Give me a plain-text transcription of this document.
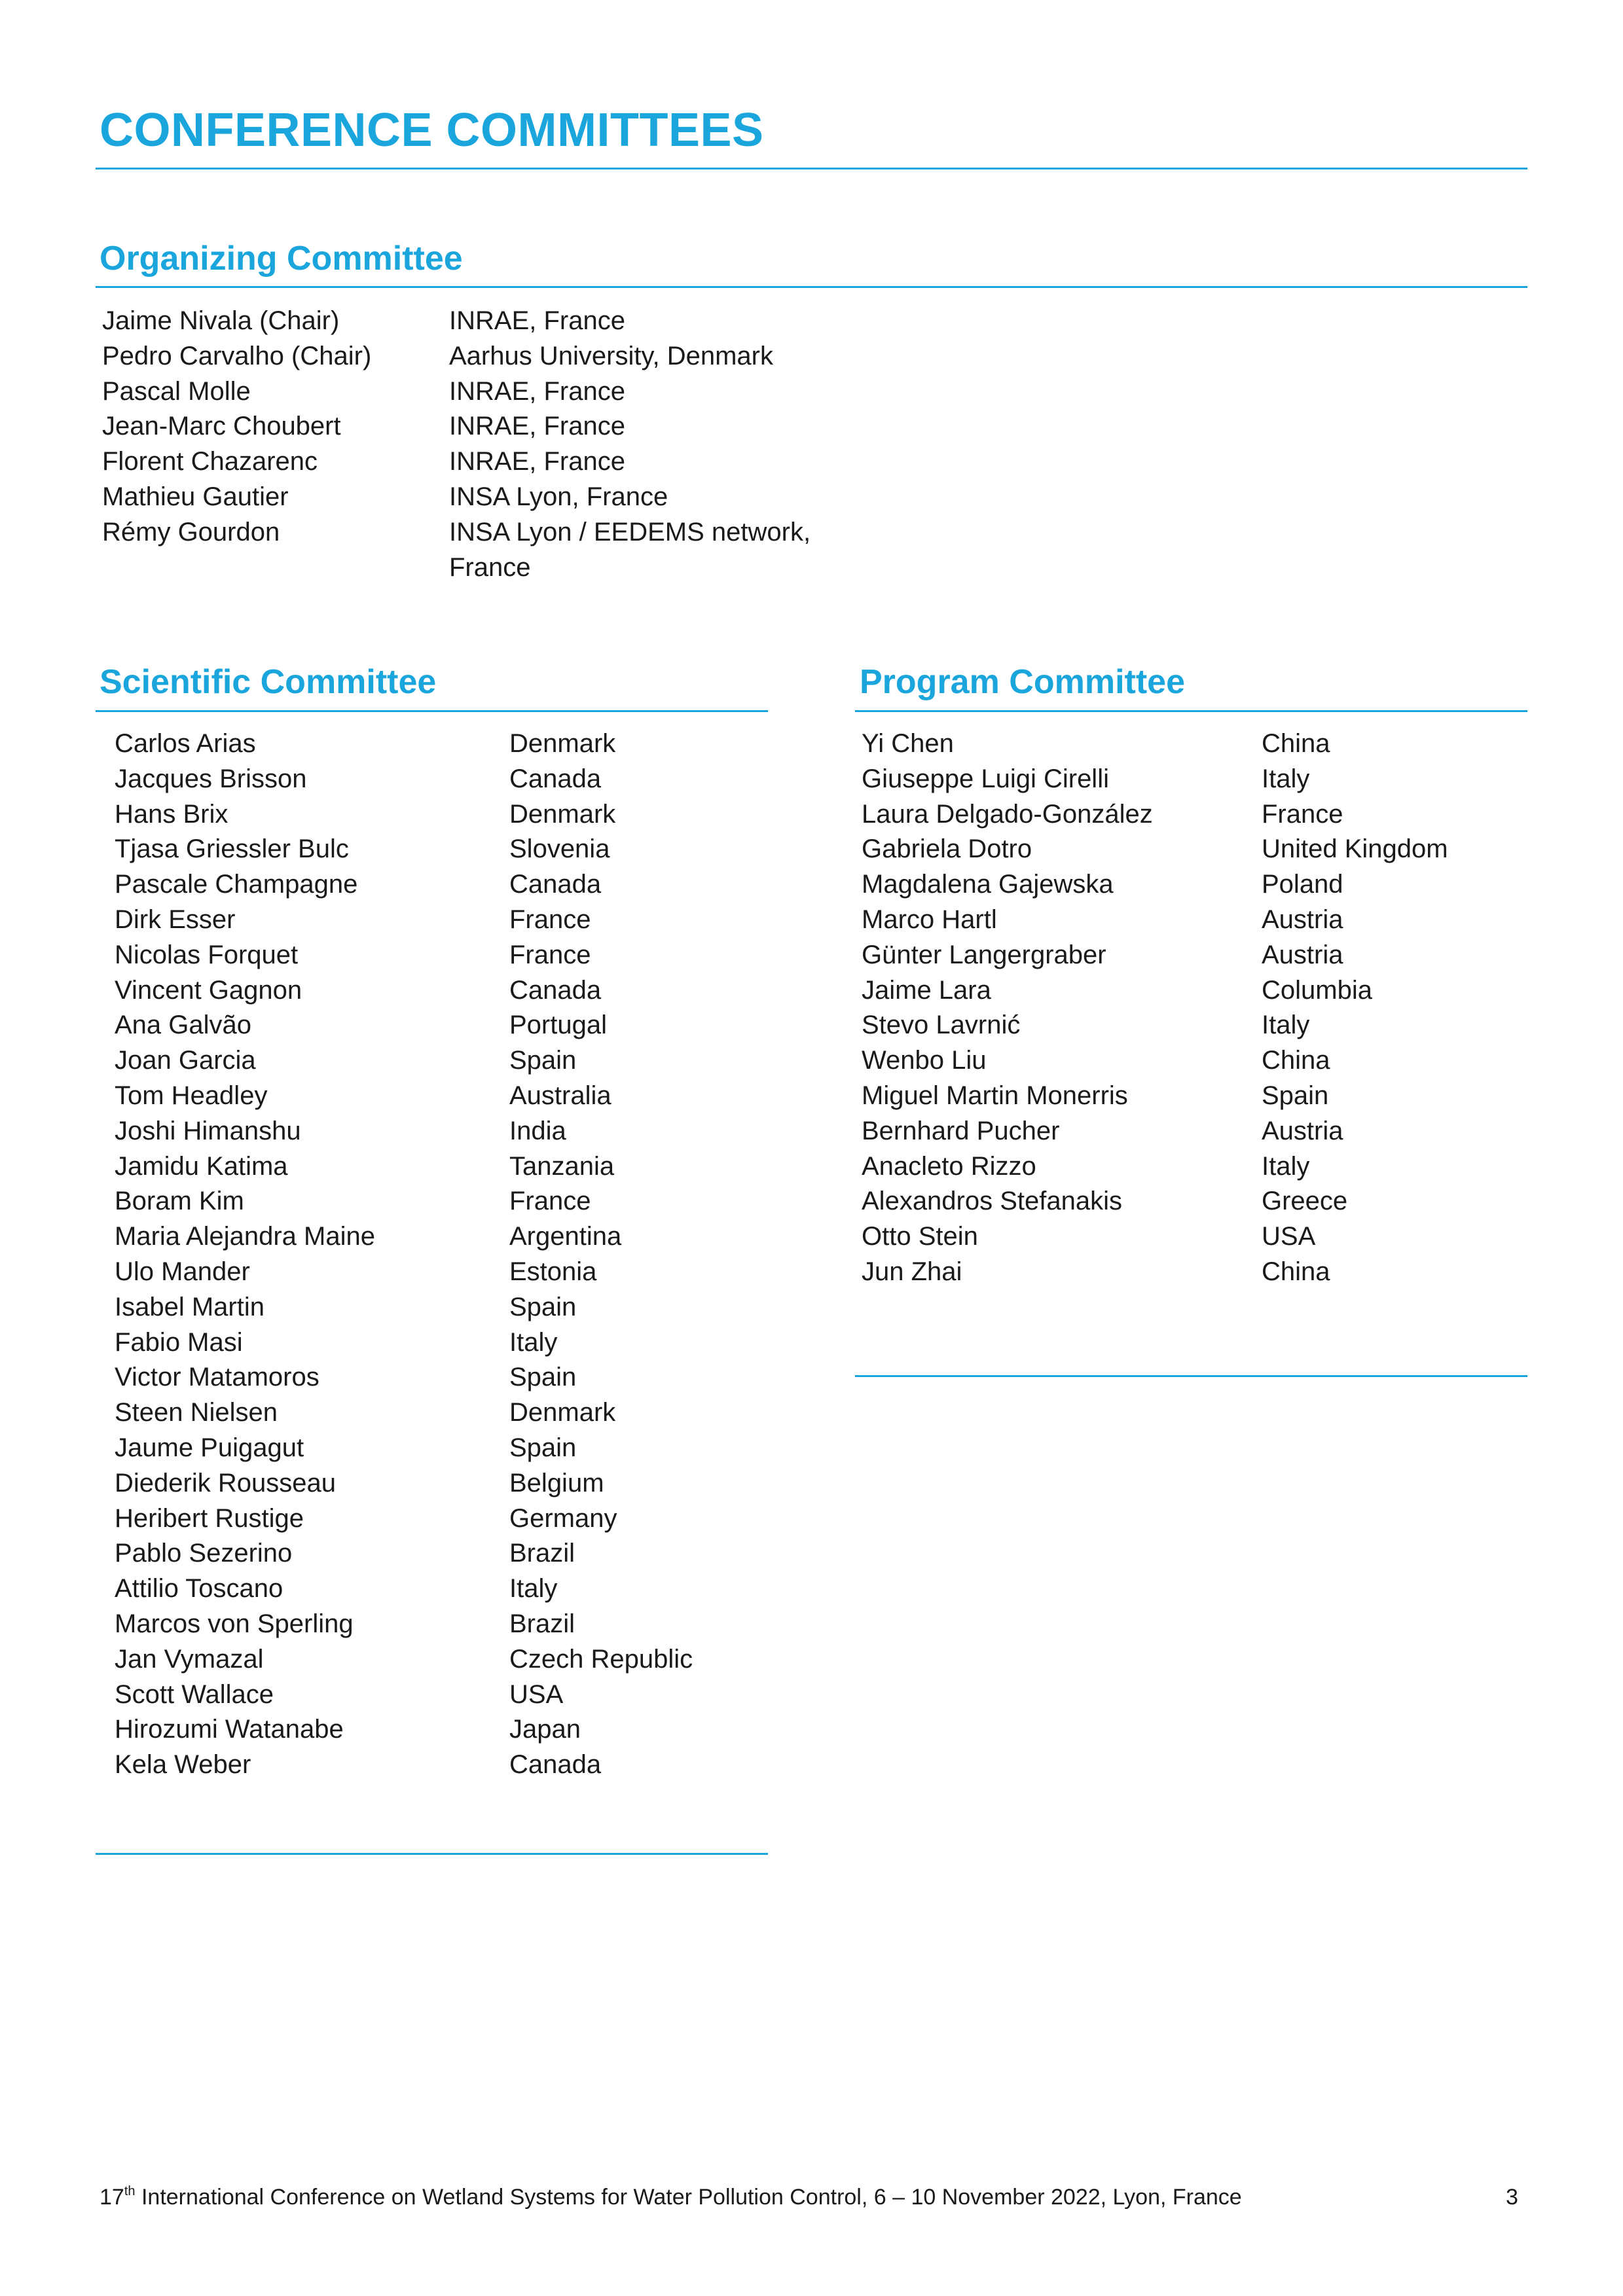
CONFERENCE COMMITTEES
Organizing Committee
Jaime Nivala (Chair)	INRAE, France
Pedro Carvalho (Chair)	Aarhus University, Denmark
Pascal Molle	INRAE, France
Jean-Marc Choubert	INRAE, France
Florent Chazarenc	INRAE, France
Mathieu Gautier	INSA Lyon, France
Rémy Gourdon	INSA Lyon / EEDEMS network, France
Scientific Committee
Carlos Arias	Denmark
Jacques Brisson	Canada
Hans Brix	Denmark
Tjasa Griessler Bulc	Slovenia
Pascale Champagne	Canada
Dirk Esser	France
Nicolas Forquet	France
Vincent Gagnon	Canada
Ana Galvão	Portugal
Joan Garcia	Spain
Tom Headley	Australia
Joshi Himanshu	India
Jamidu Katima	Tanzania
Boram Kim	France
Maria Alejandra Maine	Argentina
Ulo Mander	Estonia
Isabel Martin	Spain
Fabio Masi	Italy
Victor Matamoros	Spain
Steen Nielsen	Denmark
Jaume Puigagut	Spain
Diederik Rousseau	Belgium
Heribert Rustige	Germany
Pablo Sezerino	Brazil
Attilio Toscano	Italy
Marcos von Sperling	Brazil
Jan Vymazal	Czech Republic
Scott Wallace	USA
Hirozumi Watanabe	Japan
Kela Weber	Canada
Program Committee
Yi Chen	China
Giuseppe Luigi Cirelli	Italy
Laura Delgado-González	France
Gabriela Dotro	United Kingdom
Magdalena Gajewska	Poland
Marco Hartl	Austria
Günter Langergraber	Austria
Jaime Lara	Columbia
Stevo Lavrnić	Italy
Wenbo Liu	China
Miguel Martin Monerris	Spain
Bernhard Pucher	Austria
Anacleto Rizzo	Italy
Alexandros Stefanakis	Greece
Otto Stein	USA
Jun Zhai	China
17th International Conference on Wetland Systems for Water Pollution Control, 6 – 10 November 2022, Lyon, France	3
